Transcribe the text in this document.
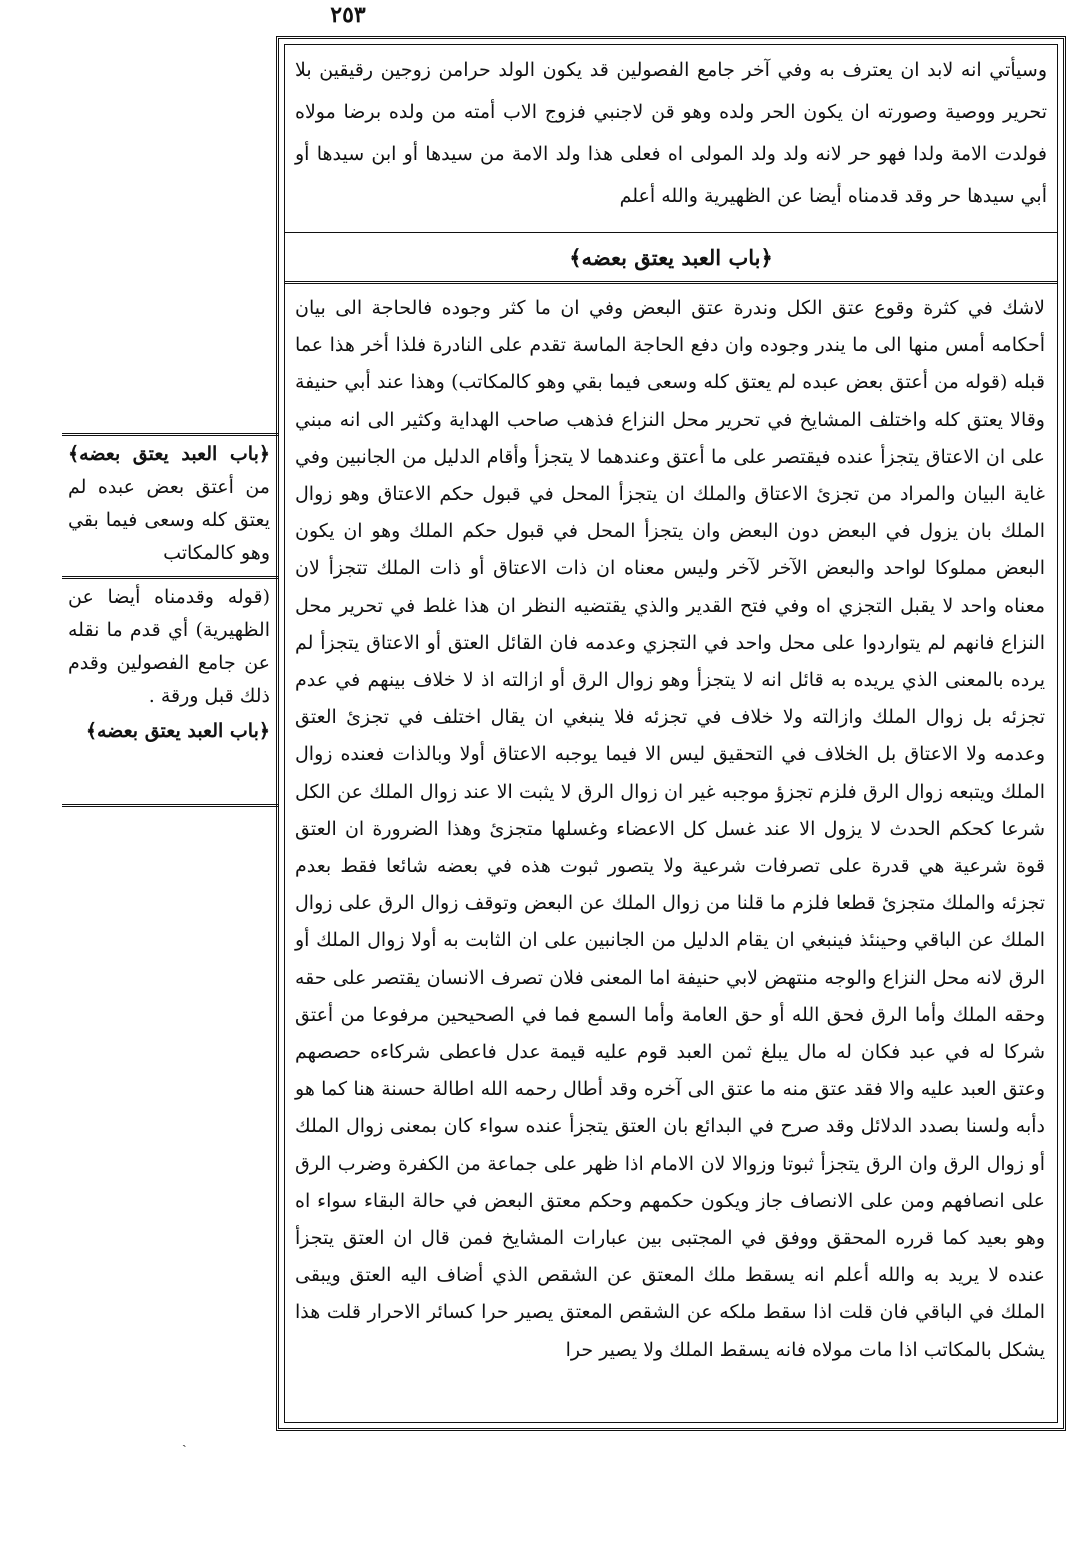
٢٥٣
﴿باب العبد يعتق بعضه﴾ من أعتق بعض عبده لم يعتق كله وسعى فيما بقي وهو كالمكاتب
(قوله وقدمناه أيضا عن الظهيرية) أي قدم ما نقله عن جامع الفصولين وقدم ذلك قبل ورقة .
﴿باب العبد يعتق بعضه﴾
وسيأتي انه لابد ان يعترف به وفي آخر جامع الفصولين قد يكون الولد حرامن زوجين رقيقين بلا تحرير ووصية وصورته ان يكون الحر ولده وهو قن لاجنبي فزوج الاب أمته من ولده برضا مولاه فولدت الامة ولدا فهو حر لانه ولد ولد المولى اه فعلى هذا ولد الامة من سيدها أو ابن سيدها أو أبي سيدها حر وقد قدمناه أيضا عن الظهيرية والله أعلم
﴿باب العبد يعتق بعضه﴾

لاشك في كثرة وقوع عتق الكل وندرة عتق البعض وفي ان ما كثر وجوده فالحاجة الى بيان أحكامه أمس منها الى ما يندر وجوده وان دفع الحاجة الماسة تقدم على النادرة فلذا أخر هذا عما قبله (قوله من أعتق بعض عبده لم يعتق كله وسعى فيما بقي وهو كالمكاتب) وهذا عند أبي حنيفة وقالا يعتق كله واختلف المشايخ في تحرير محل النزاع فذهب صاحب الهداية وكثير الى انه مبني على ان الاعتاق يتجزأ عنده فيقتصر على ما أعتق وعندهما لا يتجزأ وأقام الدليل من الجانبين وفي غاية البيان والمراد من تجزئ الاعتاق والملك ان يتجزأ المحل في قبول حكم الاعتاق وهو زوال الملك بان يزول في البعض دون البعض وان يتجزأ المحل في قبول حكم الملك وهو ان يكون البعض مملوكا لواحد والبعض الآخر لآخر وليس معناه ان ذات الاعتاق أو ذات الملك تتجزأ لان معناه واحد لا يقبل التجزي اه وفي فتح القدير والذي يقتضيه النظر ان هذا غلط في تحرير محل النزاع فانهم لم يتواردوا على محل واحد في التجزي وعدمه فان القائل العتق أو الاعتاق يتجزأ لم يرده بالمعنى الذي يريده به قائل انه لا يتجزأ وهو زوال الرق أو ازالته اذ لا خلاف بينهم في عدم تجزئه بل زوال الملك وازالته ولا خلاف في تجزئه فلا ينبغي ان يقال اختلف في تجزئ العتق وعدمه ولا الاعتاق بل الخلاف في التحقيق ليس الا فيما يوجبه الاعتاق أولا وبالذات فعنده زوال الملك ويتبعه زوال الرق فلزم تجزؤ موجبه غير ان زوال الرق لا يثبت الا عند زوال الملك عن الكل شرعا كحكم الحدث لا يزول الا عند غسل كل الاعضاء وغسلها متجزئ وهذا الضرورة ان العتق قوة شرعية هي قدرة على تصرفات شرعية ولا يتصور ثبوت هذه في بعضه شائعا فقط بعدم تجزئه والملك متجزئ قطعا فلزم ما قلنا من زوال الملك عن البعض وتوقف زوال الرق على زوال الملك عن الباقي وحينئذ فينبغي ان يقام الدليل من الجانبين على ان الثابت به أولا زوال الملك أو الرق لانه محل النزاع والوجه منتهض لابي حنيفة اما المعنى فلان تصرف الانسان يقتصر على حقه وحقه الملك وأما الرق فحق الله أو حق العامة وأما السمع فما في الصحيحين مرفوعا من أعتق شركا له في عبد فكان له مال يبلغ ثمن العبد قوم عليه قيمة عدل فاعطى شركاءه حصصهم وعتق العبد عليه والا فقد عتق منه ما عتق الى آخره وقد أطال رحمه الله اطالة حسنة هنا كما هو دأبه ولسنا بصدد الدلائل وقد صرح في البدائع بان العتق يتجزأ عنده سواء كان بمعنى زوال الملك أو زوال الرق وان الرق يتجزأ ثبوتا وزوالا لان الامام اذا ظهر على جماعة من الكفرة وضرب الرق على انصافهم ومن على الانصاف جاز ويكون حكمهم وحكم معتق البعض في حالة البقاء سواء اه وهو بعيد كما قرره المحقق ووفق في المجتبى بين عبارات المشايخ فمن قال ان العتق يتجزأ عنده لا يريد به والله أعلم انه يسقط ملك المعتق عن الشقص الذي أضاف اليه العتق ويبقى الملك في الباقي فان قلت اذا سقط ملكه عن الشقص المعتق يصير حرا كسائر الاحرار قلت هذا يشكل بالمكاتب اذا مات مولاه فانه يسقط الملك ولا يصير حرا

ˎ
